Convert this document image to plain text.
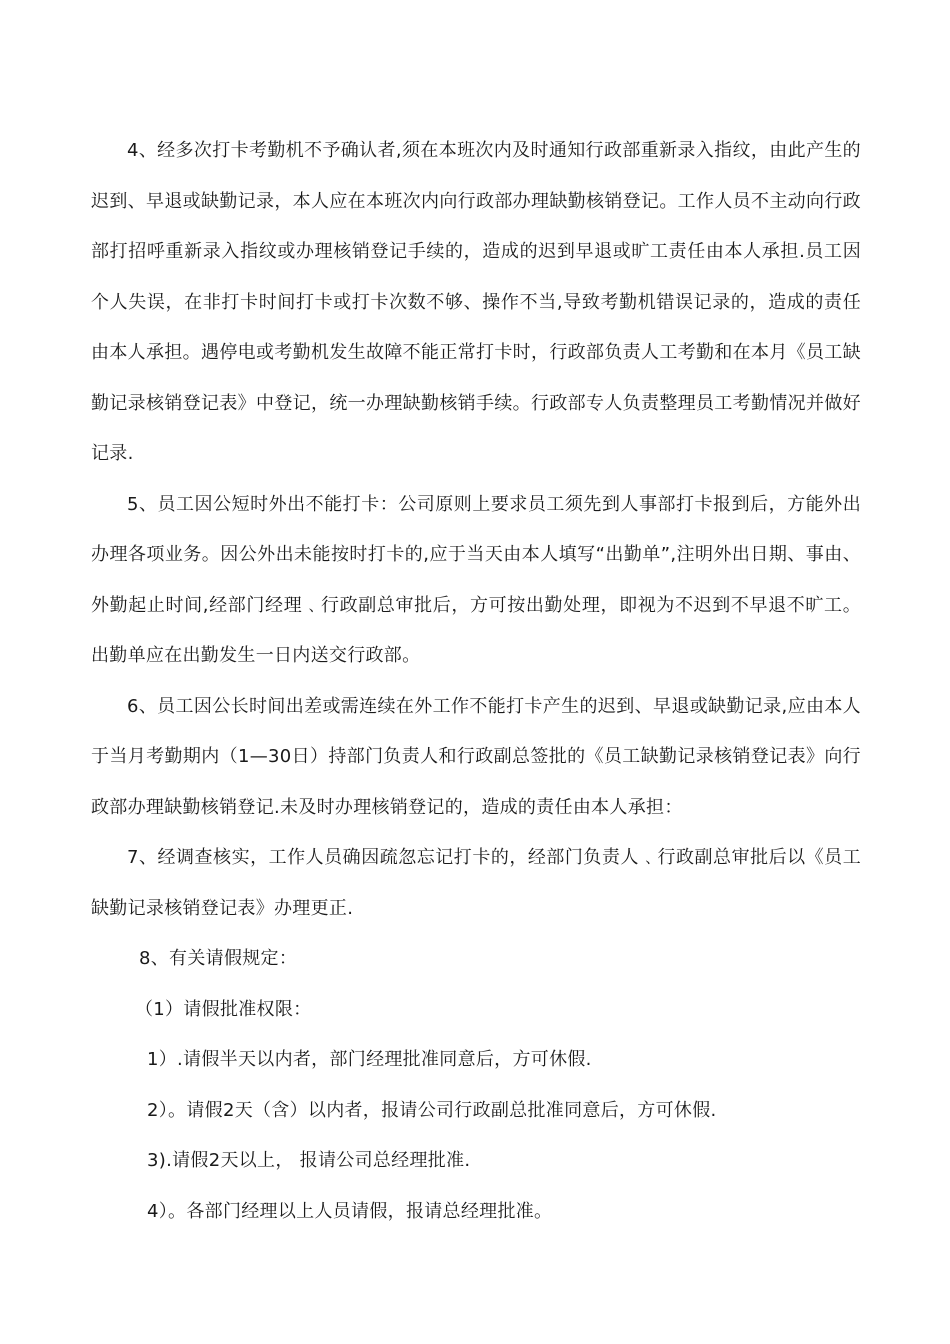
4、经多次打卡考勤机不予确认者,须在本班次内及时通知行政部重新录入指纹，由此产生的迟到、早退或缺勤记录，本人应在本班次内向行政部办理缺勤核销登记。工作人员不主动向行政部打招呼重新录入指纹或办理核销登记手续的，造成的迟到早退或旷工责任由本人承担.员工因个人失误，在非打卡时间打卡或打卡次数不够、操作不当,导致考勤机错误记录的，造成的责任由本人承担。遇停电或考勤机发生故障不能正常打卡时，行政部负责人工考勤和在本月《员工缺勤记录核销登记表》中登记，统一办理缺勤核销手续。行政部专人负责整理员工考勤情况并做好记录.

5、员工因公短时外出不能打卡：公司原则上要求员工须先到人事部打卡报到后，方能外出办理各项业务。因公外出未能按时打卡的,应于当天由本人填写“出勤单”,注明外出日期、事由、外勤起止时间,经部门经理﹑行政副总审批后，方可按出勤处理，即视为不迟到不早退不旷工。出勤单应在出勤发生一日内送交行政部。

6、员工因公长时间出差或需连续在外工作不能打卡产生的迟到、早退或缺勤记录,应由本人于当月考勤期内（1—30日）持部门负责人和行政副总签批的《员工缺勤记录核销登记表》向行政部办理缺勤核销登记.未及时办理核销登记的，造成的责任由本人承担：

7、经调查核实，工作人员确因疏忽忘记打卡的，经部门负责人﹑行政副总审批后以《员工缺勤记录核销登记表》办理更正.

8、有关请假规定：

（1）请假批准权限：

1）.请假半天以内者，部门经理批准同意后，方可休假.

2）。请假2天（含）以内者，报请公司行政副总批准同意后，方可休假.

3).请假2天以上， 报请公司总经理批准.

4）。各部门经理以上人员请假，报请总经理批准。
